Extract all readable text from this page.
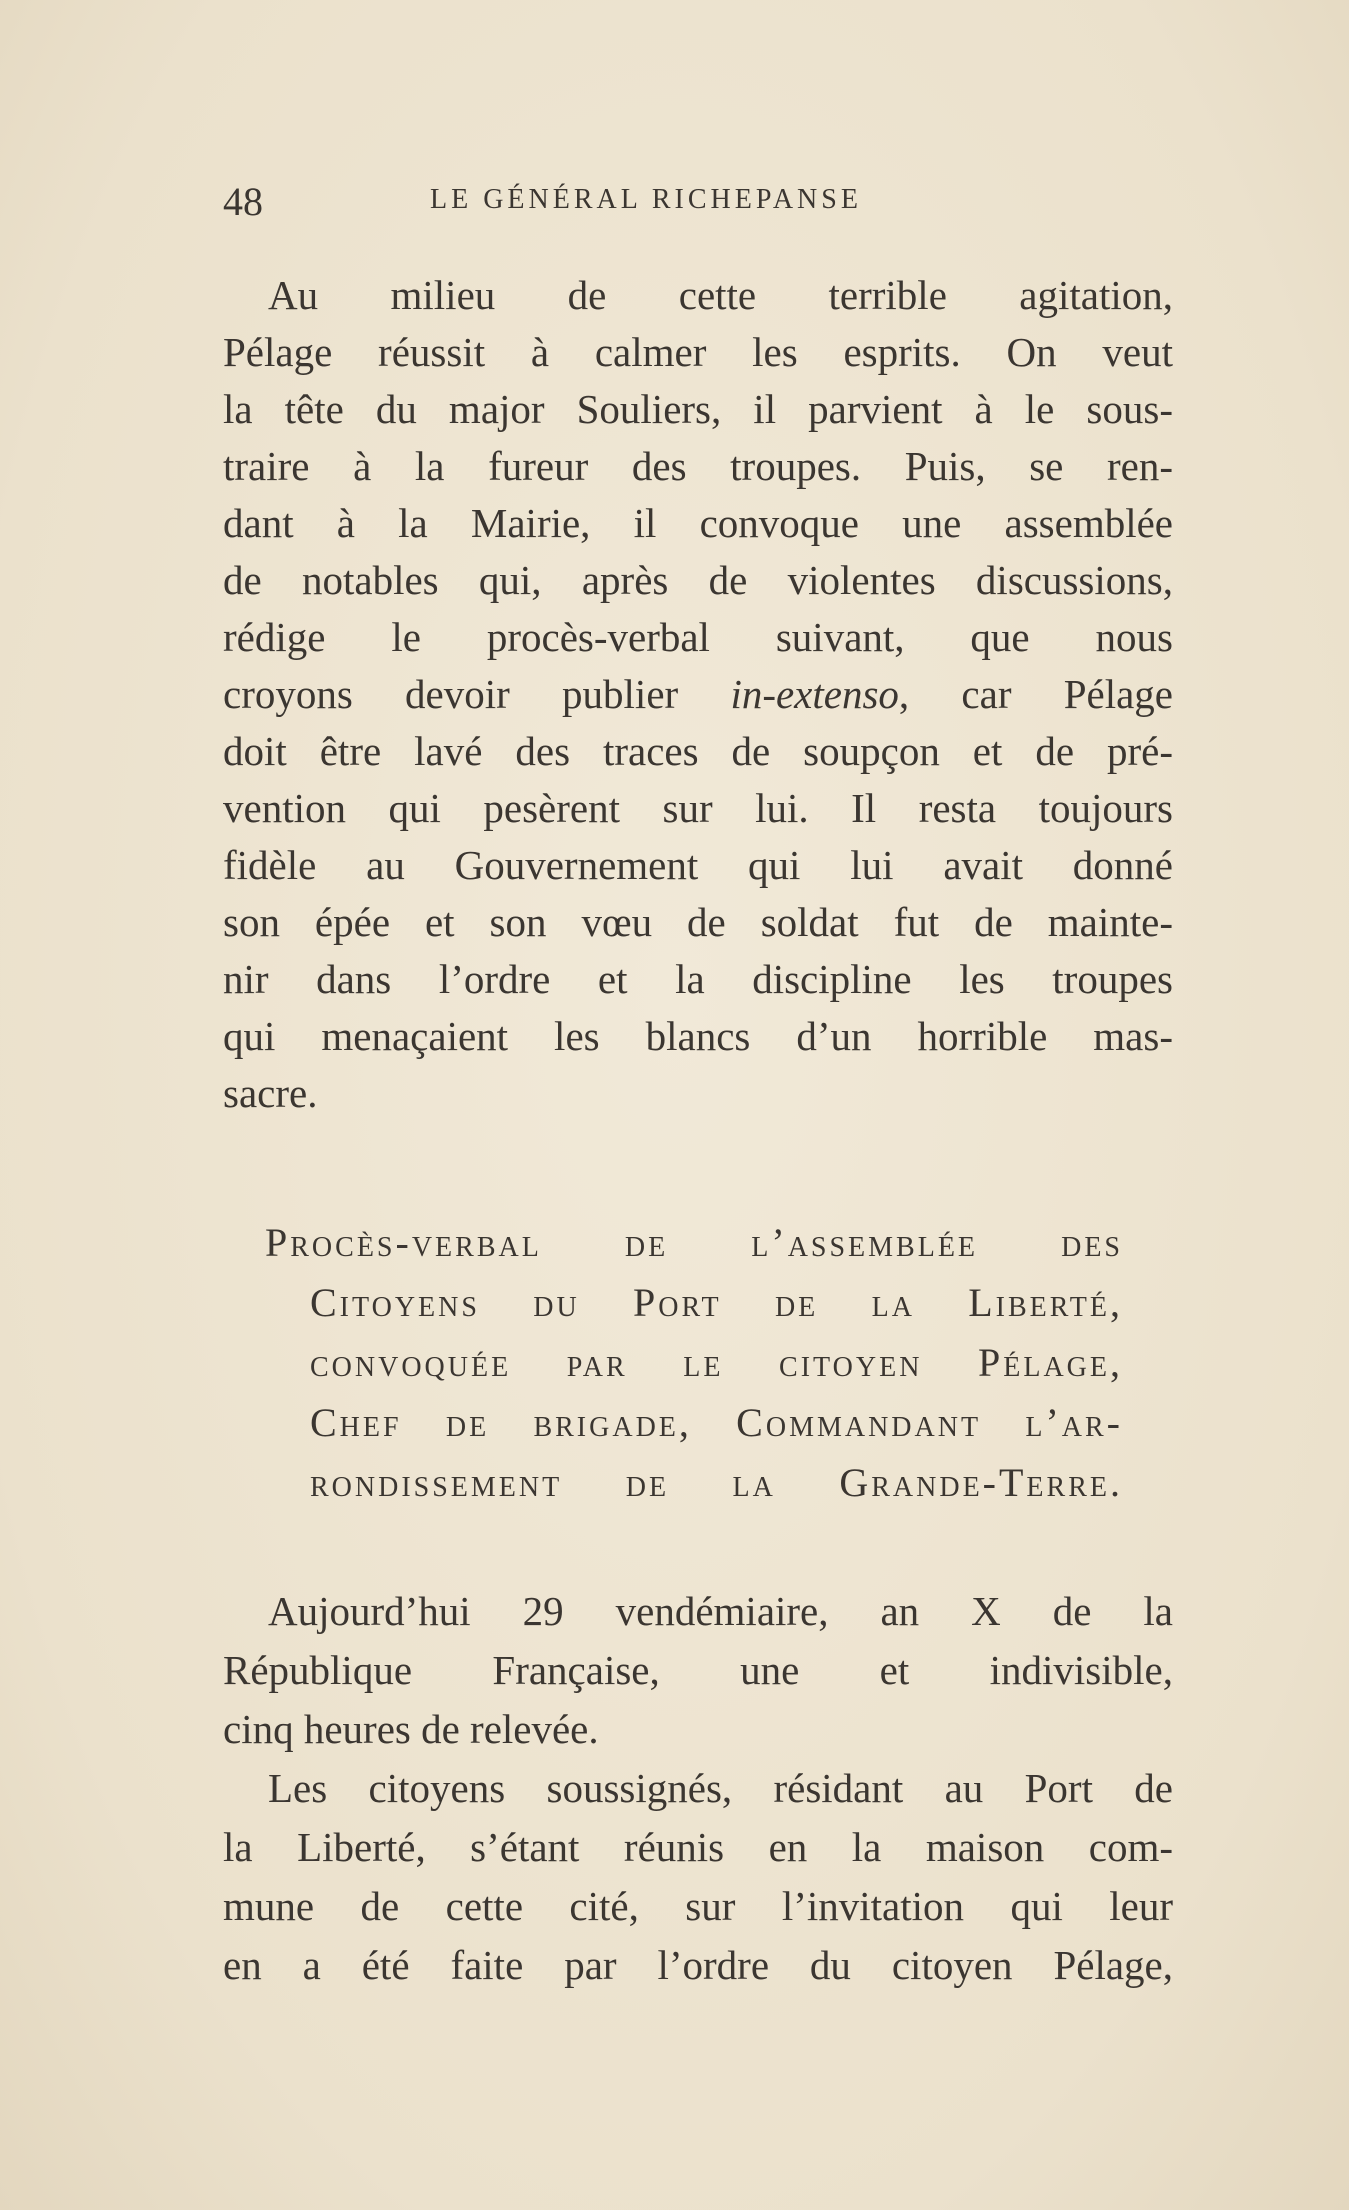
48	LE GÉNÉRAL RICHEPANSE
Au milieu de cette terrible agitation,
Pélage réussit à calmer les esprits. On veut
la tête du major Souliers, il parvient à le sous-
traire à la fureur des troupes. Puis, se ren-
dant à la Mairie, il convoque une assemblée
de notables qui, après de violentes discussions,
rédige le procès-verbal suivant, que nous
croyons devoir publier in-extenso, car Pélage
doit être lavé des traces de soupçon et de pré-
vention qui pesèrent sur lui. Il resta toujours
fidèle au Gouvernement qui lui avait donné
son épée et son vœu de soldat fut de mainte-
nir dans l’ordre et la discipline les troupes
qui menaçaient les blancs d’un horrible mas-
sacre.
Procès-verbal de l’assemblée des
Citoyens du Port de la Liberté,
convoquée par le citoyen Pélage,
Chef de brigade, Commandant l’ar-
rondissement de la Grande-Terre.
Aujourd’hui 29 vendémiaire, an X de la
République Française, une et indivisible,
cinq heures de relevée.
Les citoyens soussignés, résidant au Port de
la Liberté, s’étant réunis en la maison com-
mune de cette cité, sur l’invitation qui leur
en a été faite par l’ordre du citoyen Pélage,
